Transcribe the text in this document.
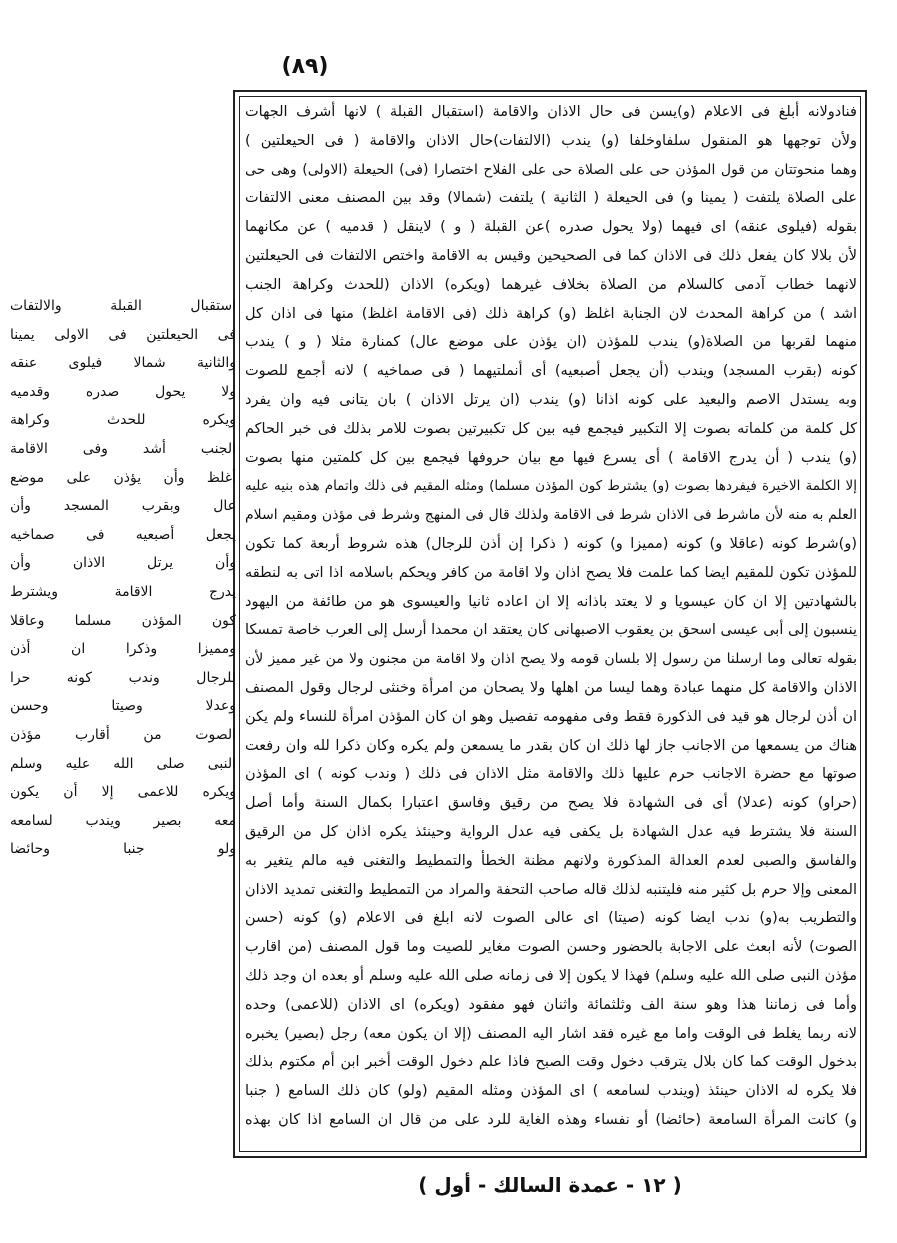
(٨٩)
فنادولانه أبلغ فى الاعلام (و)يسن فى حال الاذان والاقامة (استقبال القبلة ) لانها أشرف الجهات
ولأن توجهها هو المنقول سلفاوخلفا (و) يندب (الالتفات)حال الاذان والاقامة ( فى الحيعلتين )
وهما منحوتتان من قول المؤذن حى على الصلاة حى على الفلاح اختصارا (فى) الحيعلة (الاولى) وهى حى
على الصلاة يلتفت ( يمينا و) فى الحيعلة ( الثانية ) يلتفت (شمالا) وقد بين المصنف معنى الالتفات
بقوله (فيلوى عنقه) اى فيهما (ولا يحول صدره )عن القبلة ( و ) لاينقل ( قدميه ) عن مكانهما
لأن بلالا كان يفعل ذلك فى الاذان كما فى الصحيحين وقيس به الاقامة واختص الالتفات فى الحيعلتين
لانهما خطاب آدمى كالسلام من الصلاة بخلاف غيرهما (ويكره) الاذان (للحدث وكراهة الجنب
اشد ) من كراهة المحدث لان الجنابة اغلظ (و) كراهة ذلك (فى الاقامة اغلظ) منها فى اذان كل
منهما لقربها من الصلاة(و) يندب للمؤذن (ان يؤذن على موضع عال) كمنارة مثلا ( و ) يندب
كونه (بقرب المسجد) ويندب (أن يجعل أصبعيه) أى أنملتيهما ( فى صماخيه ) لانه أجمع للصوت
وبه يستدل الاصم والبعيد على كونه اذانا (و) يندب (ان يرتل الاذان ) بان يتانى فيه وان يفرد
كل كلمة من كلماته بصوت إلا التكبير فيجمع فيه بين كل تكبيرتين بصوت للامر بذلك فى خبر الحاكم
(و) يندب ( أن يدرج الاقامة ) أى يسرع فيها مع بيان حروفها فيجمع بين كل كلمتين منها بصوت
إلا الكلمة الاخيرة فيفردها بصوت (و) يشترط كون المؤذن مسلما) ومثله المقيم فى ذلك واتمام هذه بنيه عليه
العلم به منه لأن ماشرط فى الاذان شرط فى الاقامة ولذلك قال فى المنهج وشرط فى مؤذن ومقيم اسلام
(و)شرط كونه (عاقلا و) كونه (مميزا و) كونه ( ذكرا إن أذن للرجال) هذه شروط أربعة كما تكون
للمؤذن تكون للمقيم ايضا كما علمت فلا يصح اذان ولا اقامة من كافر ويحكم باسلامه اذا اتى به لنطقه
بالشهادتين إلا ان كان عيسويا و لا يعتد باذانه إلا ان اعاده ثانيا والعيسوى هو من طائفة من اليهود
ينسبون إلى أبى عيسى اسحق بن يعقوب الاصبهانى كان يعتقد ان محمدا أرسل إلى العرب خاصة تمسكا
بقوله تعالى وما ارسلنا من رسول إلا بلسان قومه ولا يصح اذان ولا اقامة من مجنون ولا من غير مميز لأن
الاذان والاقامة كل منهما عبادة وهما ليسا من اهلها ولا يصحان من امرأة وخنثى لرجال وقول المصنف
ان أذن لرجال هو قيد فى الذكورة فقط وفى مفهومه تفصيل وهو ان كان المؤذن امرأة للنساء ولم يكن
هناك من يسمعها من الاجانب جاز لها ذلك ان كان بقدر ما يسمعن ولم يكره وكان ذكرا لله وان رفعت
صوتها مع حضرة الاجانب حرم عليها ذلك والاقامة مثل الاذان فى ذلك ( وندب كونه ) اى المؤذن
(حراو) كونه (عدلا) أى فى الشهادة فلا يصح من رقيق وفاسق اعتبارا بكمال السنة وأما أصل
السنة فلا يشترط فيه عدل الشهادة بل يكفى فيه عدل الرواية وحينئذ يكره اذان كل من الرقيق
والفاسق والصبى لعدم العدالة المذكورة ولانهم مظنة الخطأ والتمطيط والتغنى فيه مالم يتغير به
المعنى وإلا حرم بل كثير منه فليتنبه لذلك قاله صاحب التحفة والمراد من التمطيط والتغنى تمديد الاذان
والتطريب به(و) ندب ايضا كونه (صيتا) اى عالى الصوت لانه ابلغ فى الاعلام (و) كونه (حسن
الصوت) لأنه ابعث على الاجابة بالحضور وحسن الصوت مغاير للصيت وما قول المصنف (من اقارب
مؤذن النبى صلى الله عليه وسلم) فهذا لا يكون إلا فى زمانه صلى الله عليه وسلم أو بعده ان وجد ذلك
وأما فى زماننا هذا وهو سنة الف وثلثمائة واثنان فهو مفقود (ويكره) اى الاذان (للاعمى) وحده
لانه ربما يغلط فى الوقت واما مع غيره فقد اشار اليه المصنف (إلا ان يكون معه) رجل (بصير) يخبره
بدخول الوقت كما كان بلال يترقب دخول وقت الصبح فاذا علم دخول الوقت أخبر ابن أم مكتوم بذلك
فلا يكره له الاذان حينئذ (ويندب لسامعه ) اى المؤذن ومثله المقيم (ولو) كان ذلك السامع ( جنبا
و) كانت المرأة السامعة (حائضا) أو نفساء وهذه الغاية للرد على من قال ان السامع اذا كان بهذه
استقبال القبلة والالتفات
فى الحيعلتين فى الاولى يمينا
والثانية شمالا فيلوى عنقه
ولا يحول صدره وقدميه
ويكره للحدث وكراهة
الجنب أشد وفى الاقامة
أغلظ وأن يؤذن على موضع
عال وبقرب المسجد وأن
يجعل أصبعيه فى صماخيه
وأن يرتل الاذان وأن
يدرج الاقامة ويشترط
كون المؤذن مسلما وعاقلا
ومميزا وذكرا ان أذن
للرجال وندب كونه حرا
وعدلا وصيتا وحسن
الصوت من أقارب مؤذن
النبى صلى الله عليه وسلم
ويكره للاعمى إلا أن يكون
معه بصير ويندب لسامعه
ولو جنبا وحائضا
( ١٢ - عمدة السالك - أول )
